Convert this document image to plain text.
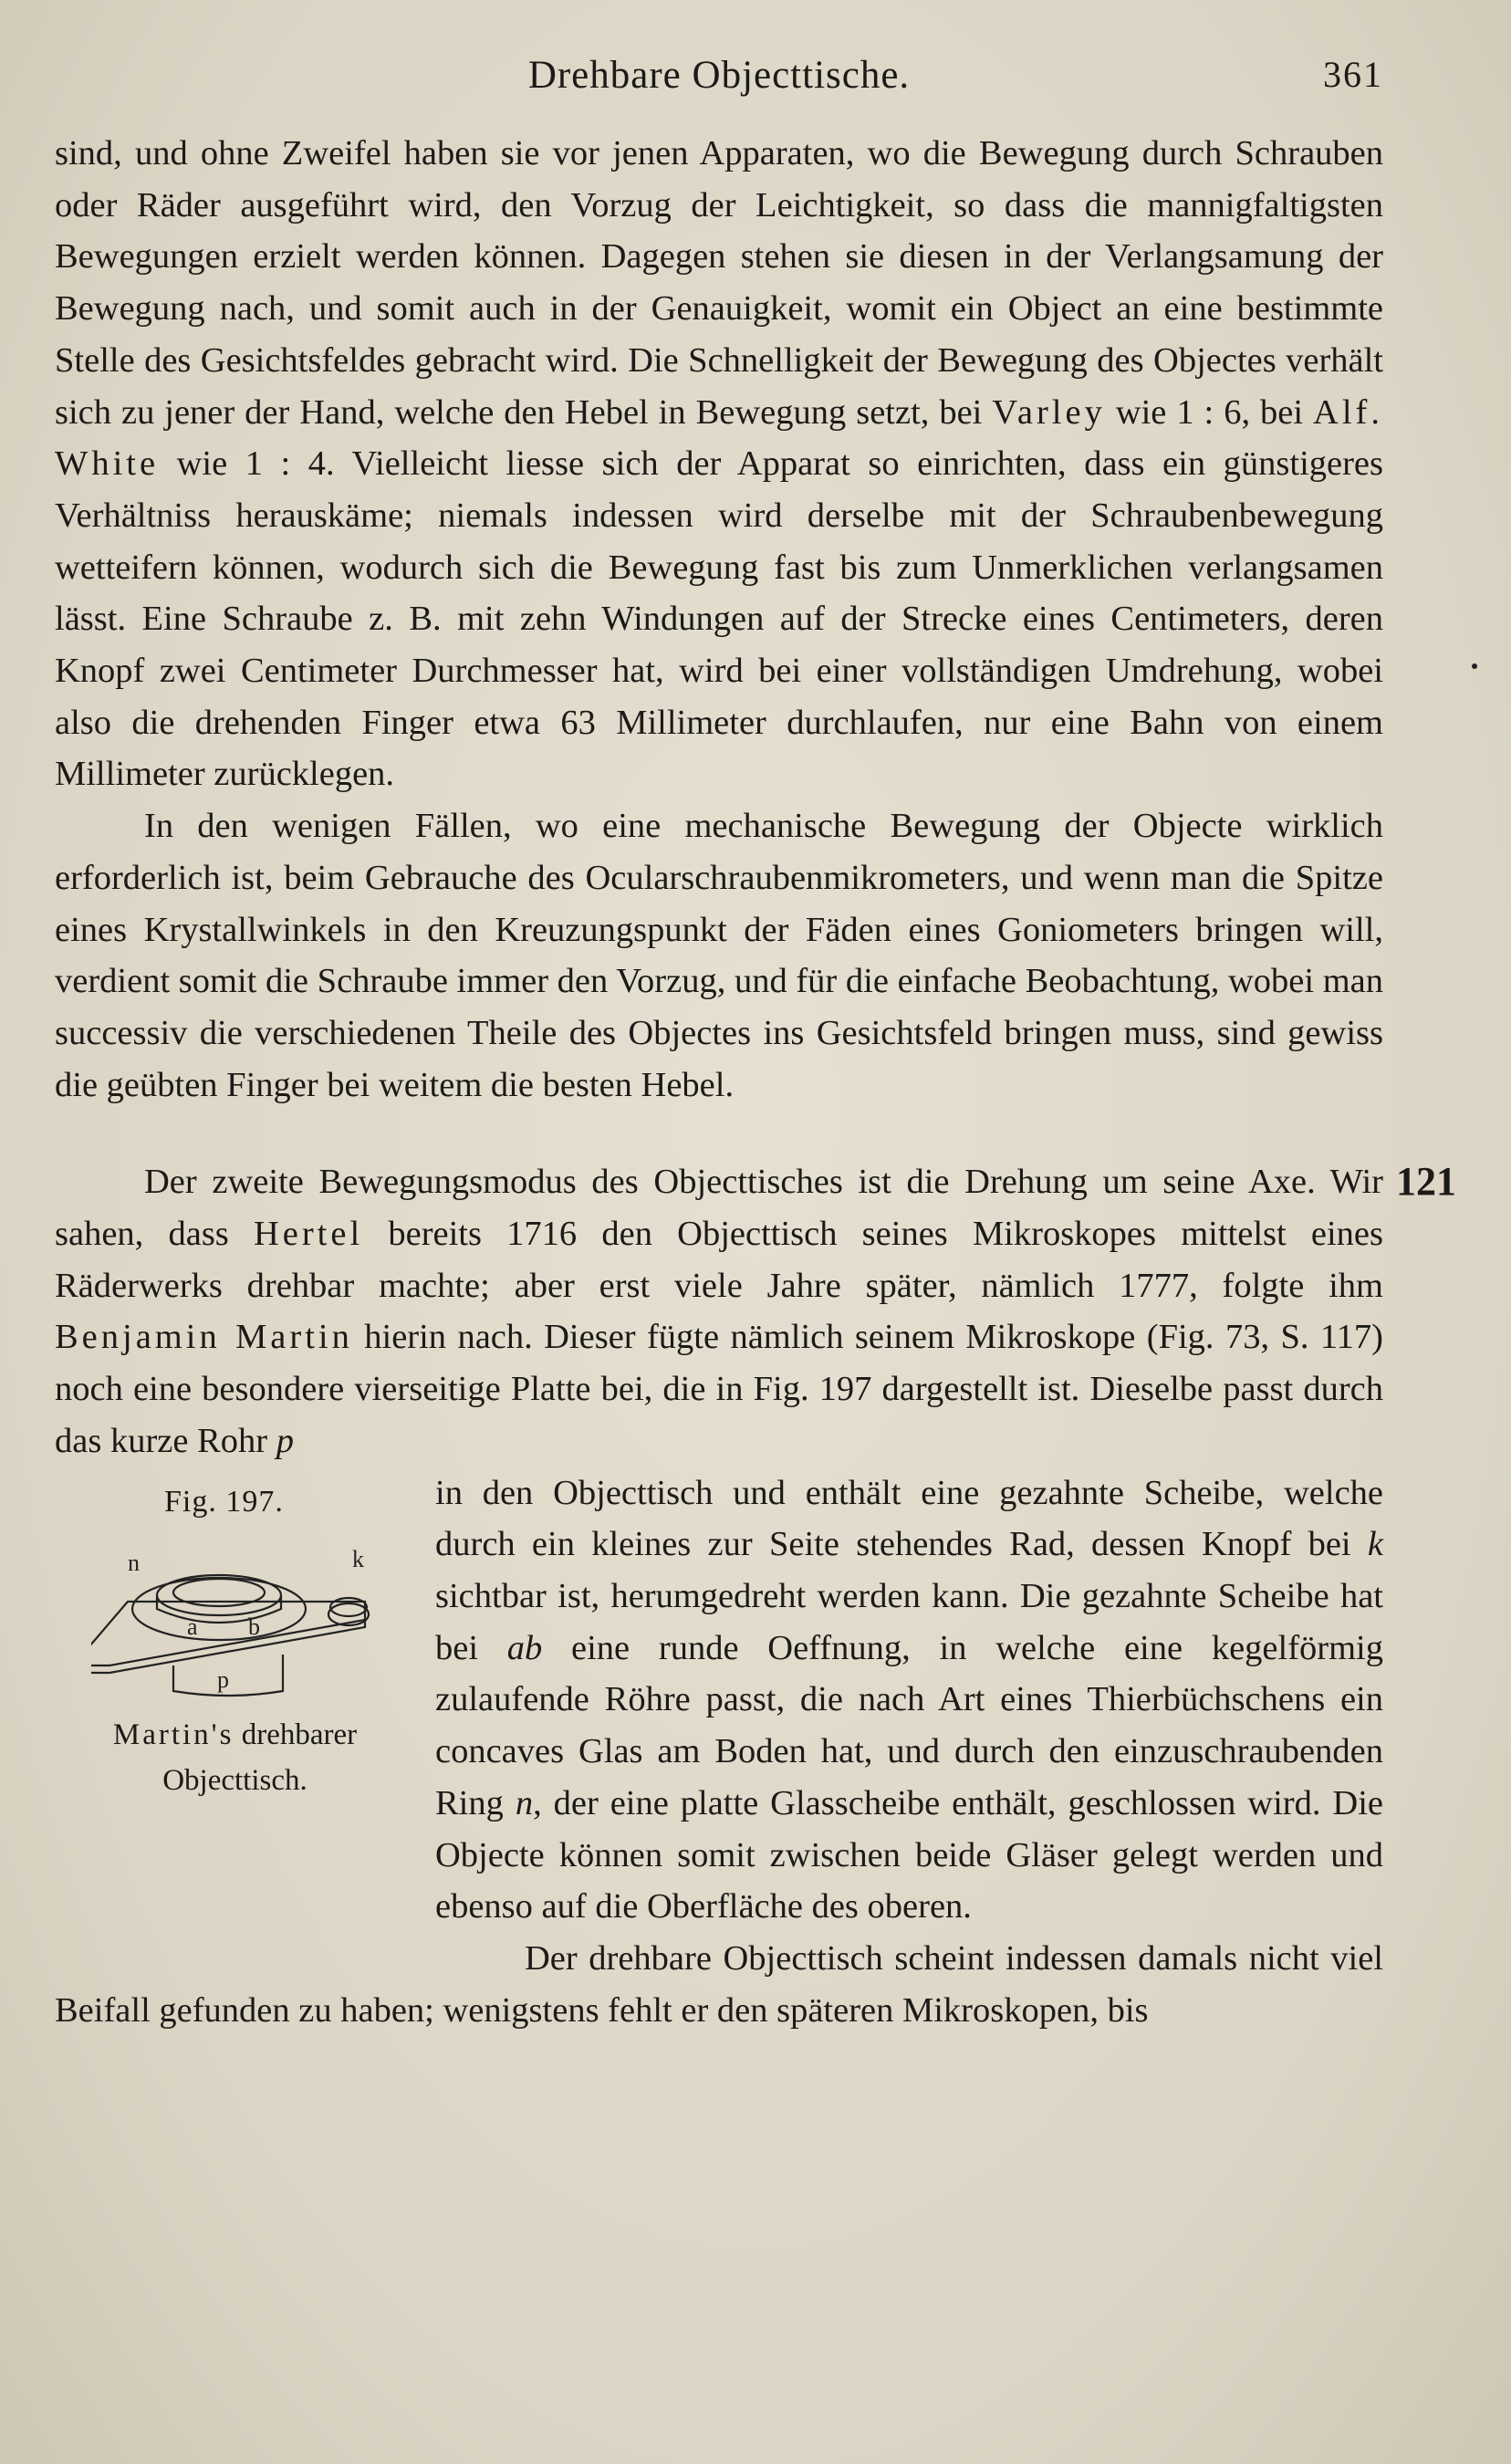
Drehbare Objecttische.	361

sind, und ohne Zweifel haben sie vor jenen Apparaten, wo die Bewegung durch Schrauben oder Räder ausgeführt wird, den Vorzug der Leichtigkeit, so dass die mannigfaltigsten Bewegungen erzielt werden können. Dagegen stehen sie diesen in der Verlangsamung der Bewegung nach, und somit auch in der Genauigkeit, womit ein Object an eine bestimmte Stelle des Gesichtsfeldes gebracht wird. Die Schnelligkeit der Bewegung des Objectes verhält sich zu jener der Hand, welche den Hebel in Bewegung setzt, bei Varley wie 1 : 6, bei Alf. White wie 1 : 4. Vielleicht liesse sich der Apparat so einrichten, dass ein günstigeres Verhältniss herauskäme; niemals indessen wird derselbe mit der Schraubenbewegung wetteifern können, wodurch sich die Bewegung fast bis zum Unmerklichen verlangsamen lässt. Eine Schraube z. B. mit zehn Windungen auf der Strecke eines Centimeters, deren Knopf zwei Centimeter Durchmesser hat, wird bei einer vollständigen Umdrehung, wobei also die drehenden Finger etwa 63 Millimeter durchlaufen, nur eine Bahn von einem Millimeter zurücklegen.

In den wenigen Fällen, wo eine mechanische Bewegung der Objecte wirklich erforderlich ist, beim Gebrauche des Ocularschraubenmikrometers, und wenn man die Spitze eines Krystallwinkels in den Kreuzungspunkt der Fäden eines Goniometers bringen will, verdient somit die Schraube immer den Vorzug, und für die einfache Beobachtung, wobei man successiv die verschiedenen Theile des Objectes ins Gesichtsfeld bringen muss, sind gewiss die geübten Finger bei weitem die besten Hebel.

121

Der zweite Bewegungsmodus des Objecttisches ist die Drehung um seine Axe. Wir sahen, dass Hertel bereits 1716 den Objecttisch seines Mikroskopes mittelst eines Räderwerks drehbar machte; aber erst viele Jahre später, nämlich 1777, folgte ihm Benjamin Martin hierin nach. Dieser fügte nämlich seinem Mikroskope (Fig. 73, S. 117) noch eine besondere vierseitige Platte bei, die in Fig. 197 dargestellt ist. Dieselbe passt durch das kurze Rohr p

Fig. 197.
n	k
a b
p
Martin's drehbarer
Objecttisch.

in den Objecttisch und enthält eine gezahnte Scheibe, welche durch ein kleines zur Seite stehendes Rad, dessen Knopf bei k sichtbar ist, herumgedreht werden kann. Die gezahnte Scheibe hat bei ab eine runde Oeffnung, in welche eine kegelförmig zulaufende Röhre passt, die nach Art eines Thierbüchschens ein concaves Glas am Boden hat, und durch den einzuschraubenden Ring n, der eine platte Glasscheibe enthält, geschlossen wird. Die Objecte können somit zwischen beide Gläser gelegt werden und ebenso auf die Oberfläche des oberen.

Der drehbare Objecttisch scheint indessen damals nicht viel Beifall gefunden zu haben; wenigstens fehlt er den späteren Mikroskopen, bis
